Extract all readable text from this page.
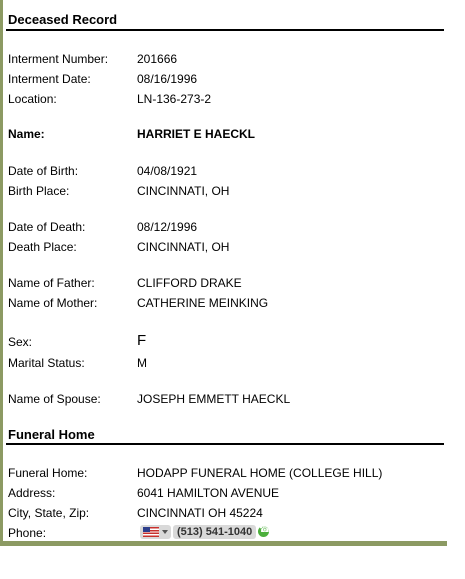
Deceased Record
Interment Number: 201666
Interment Date:	08/16/1996
Location:	LN-136-273-2
Name:	HARRIET E HAECKL
Date of Birth:	04/08/1921
Birth Place:	CINCINNATI, OH
Date of Death:	08/12/1996
Death Place:	CINCINNATI, OH
Name of Father:	CLIFFORD DRAKE
Name of Mother:	CATHERINE MEINKING
Sex:	F
Marital Status:	M
Name of Spouse:	JOSEPH EMMETT HAECKL
Funeral Home
Funeral Home:	HODAPP FUNERAL HOME (COLLEGE HILL)
Address:	6041 HAMILTON AVENUE
City, State, Zip:	CINCINNATI OH 45224
Phone:	(513) 541-1040
☎
